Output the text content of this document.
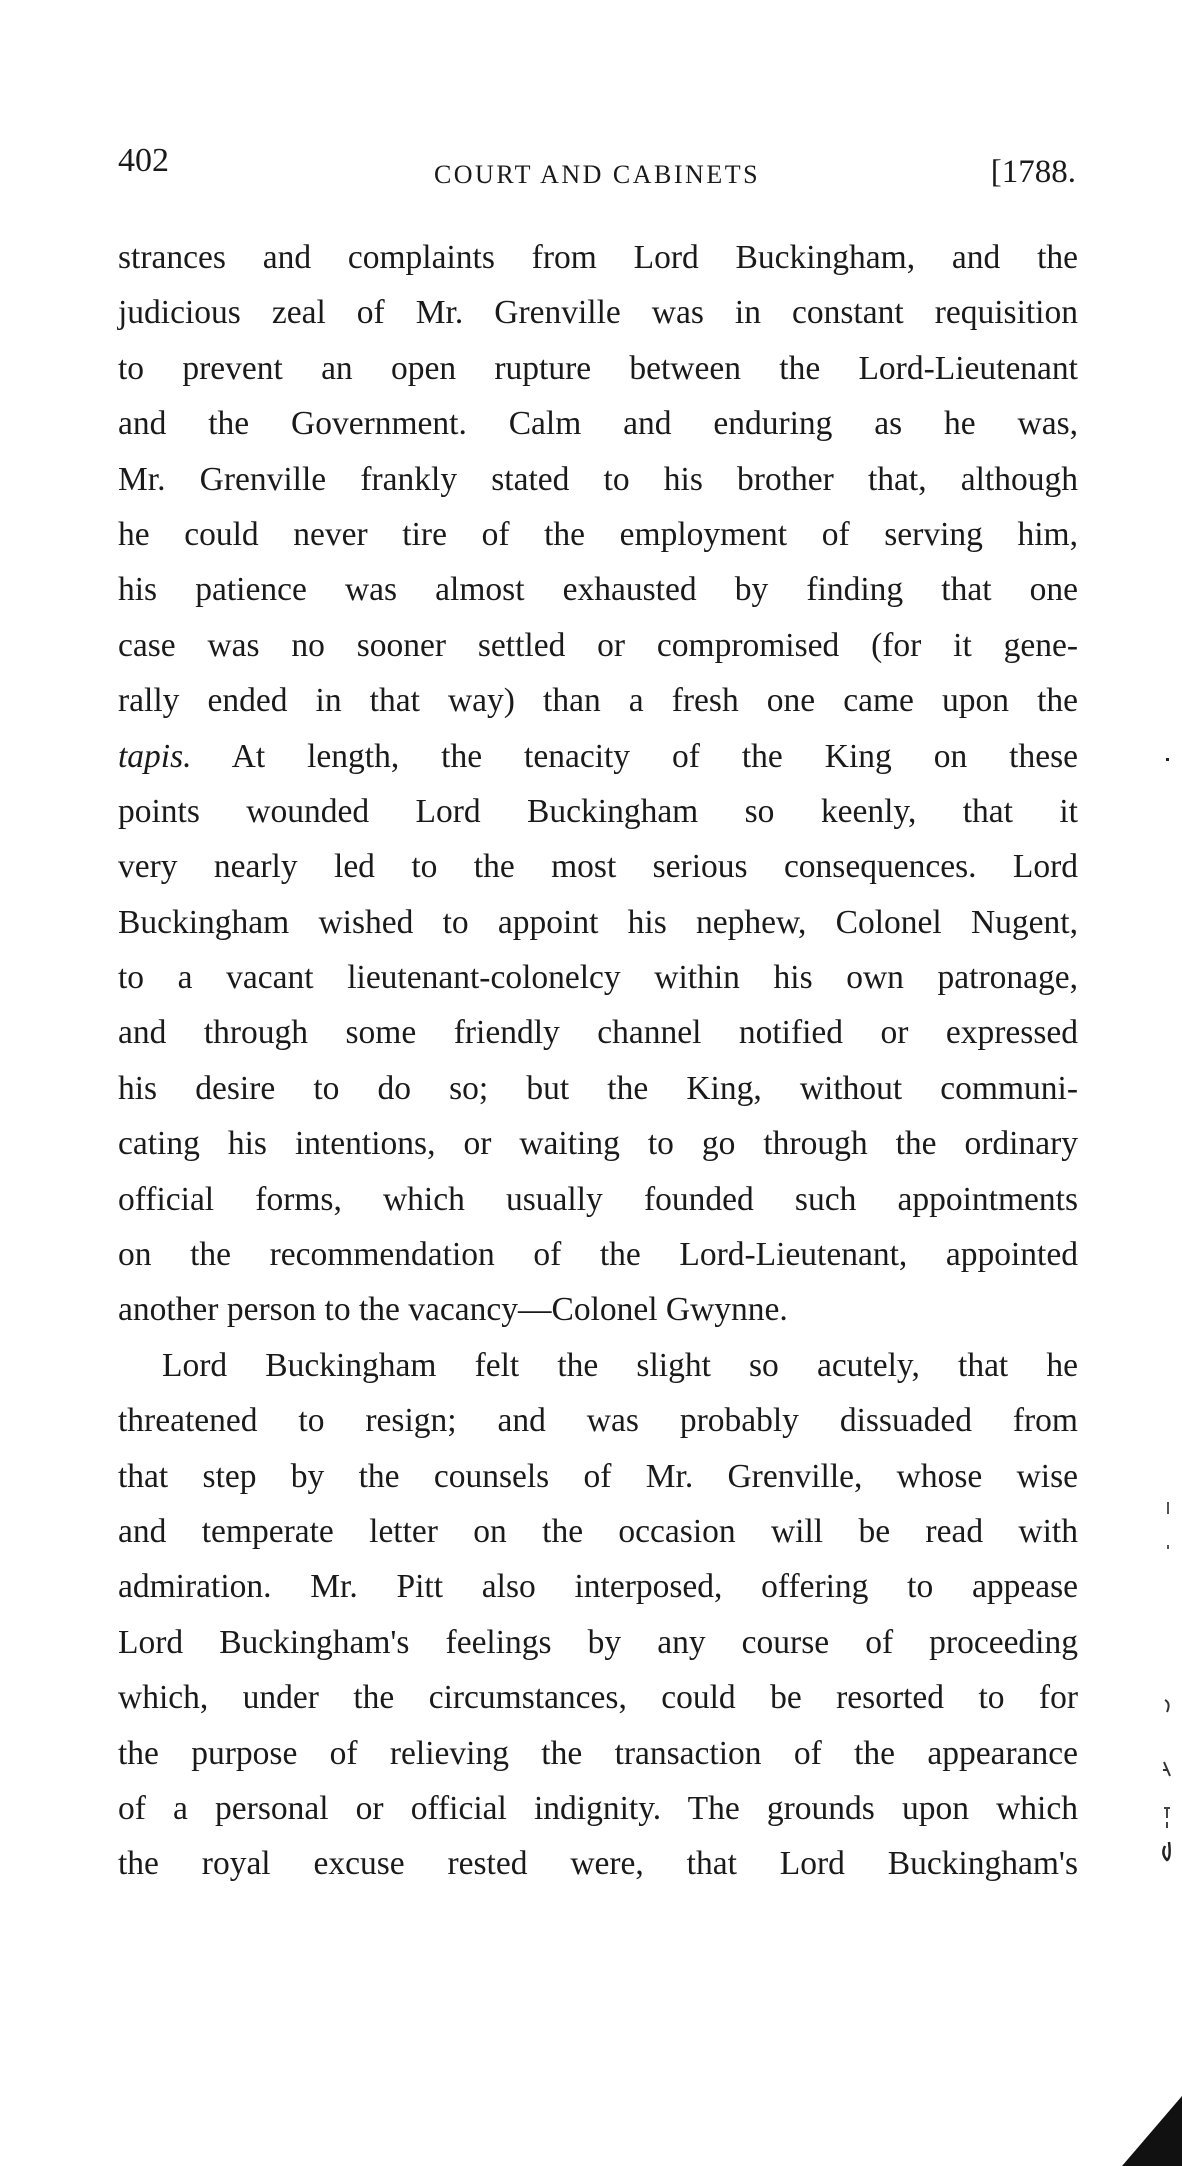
402	COURT AND CABINETS	[1788.
strances and complaints from Lord Buckingham, and the
judicious zeal of Mr. Grenville was in constant requisition
to prevent an open rupture between the Lord-Lieutenant
and the Government. Calm and enduring as he was,
Mr. Grenville frankly stated to his brother that, although
he could never tire of the employment of serving him,
his patience was almost exhausted by finding that one
case was no sooner settled or compromised (for it gene-
rally ended in that way) than a fresh one came upon the
tapis. At length, the tenacity of the King on these
points wounded Lord Buckingham so keenly, that it
very nearly led to the most serious consequences. Lord
Buckingham wished to appoint his nephew, Colonel Nugent,
to a vacant lieutenant-colonelcy within his own patronage,
and through some friendly channel notified or expressed
his desire to do so; but the King, without communi-
cating his intentions, or waiting to go through the ordinary
official forms, which usually founded such appointments
on the recommendation of the Lord-Lieutenant, appointed
another person to the vacancy—Colonel Gwynne.
Lord Buckingham felt the slight so acutely, that he
threatened to resign; and was probably dissuaded from
that step by the counsels of Mr. Grenville, whose wise
and temperate letter on the occasion will be read with
admiration. Mr. Pitt also interposed, offering to appease
Lord Buckingham's feelings by any course of proceeding
which, under the circumstances, could be resorted to for
the purpose of relieving the transaction of the appearance
of a personal or official indignity. The grounds upon which
the royal excuse rested were, that Lord Buckingham's
